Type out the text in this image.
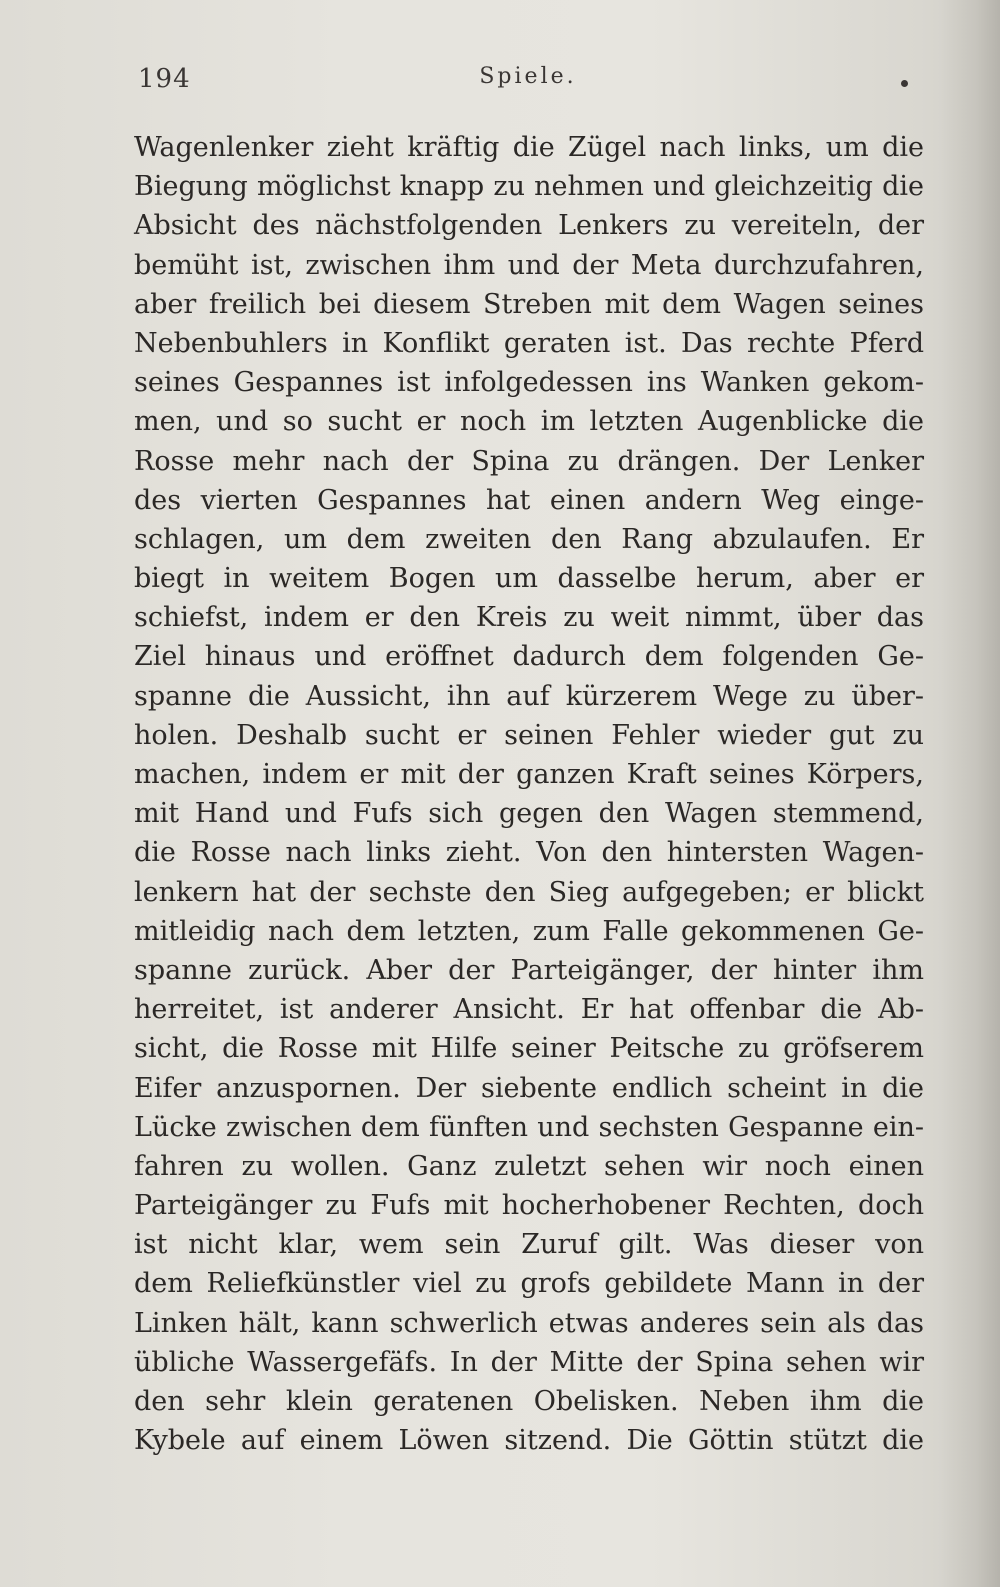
194	Spiele.
Wagenlenker zieht kräftig die Zügel nach links, um die
Biegung möglichst knapp zu nehmen und gleichzeitig die
Absicht des nächstfolgenden Lenkers zu vereiteln, der
bemüht ist, zwischen ihm und der Meta durchzufahren,
aber freilich bei diesem Streben mit dem Wagen seines
Nebenbuhlers in Konflikt geraten ist. Das rechte Pferd
seines Gespannes ist infolgedessen ins Wanken gekom-
men, und so sucht er noch im letzten Augenblicke die
Rosse mehr nach der Spina zu drängen. Der Lenker
des vierten Gespannes hat einen andern Weg einge-
schlagen, um dem zweiten den Rang abzulaufen. Er
biegt in weitem Bogen um dasselbe herum, aber er
schiefst, indem er den Kreis zu weit nimmt, über das
Ziel hinaus und eröffnet dadurch dem folgenden Ge-
spanne die Aussicht, ihn auf kürzerem Wege zu über-
holen. Deshalb sucht er seinen Fehler wieder gut zu
machen, indem er mit der ganzen Kraft seines Körpers,
mit Hand und Fufs sich gegen den Wagen stemmend,
die Rosse nach links zieht. Von den hintersten Wagen-
lenkern hat der sechste den Sieg aufgegeben; er blickt
mitleidig nach dem letzten, zum Falle gekommenen Ge-
spanne zurück. Aber der Parteigänger, der hinter ihm
herreitet, ist anderer Ansicht. Er hat offenbar die Ab-
sicht, die Rosse mit Hilfe seiner Peitsche zu gröfserem
Eifer anzuspornen. Der siebente endlich scheint in die
Lücke zwischen dem fünften und sechsten Gespanne ein-
fahren zu wollen. Ganz zuletzt sehen wir noch einen
Parteigänger zu Fufs mit hocherhobener Rechten, doch
ist nicht klar, wem sein Zuruf gilt. Was dieser von
dem Reliefkünstler viel zu grofs gebildete Mann in der
Linken hält, kann schwerlich etwas anderes sein als das
übliche Wassergefäfs. In der Mitte der Spina sehen wir
den sehr klein geratenen Obelisken. Neben ihm die
Kybele auf einem Löwen sitzend. Die Göttin stützt die
